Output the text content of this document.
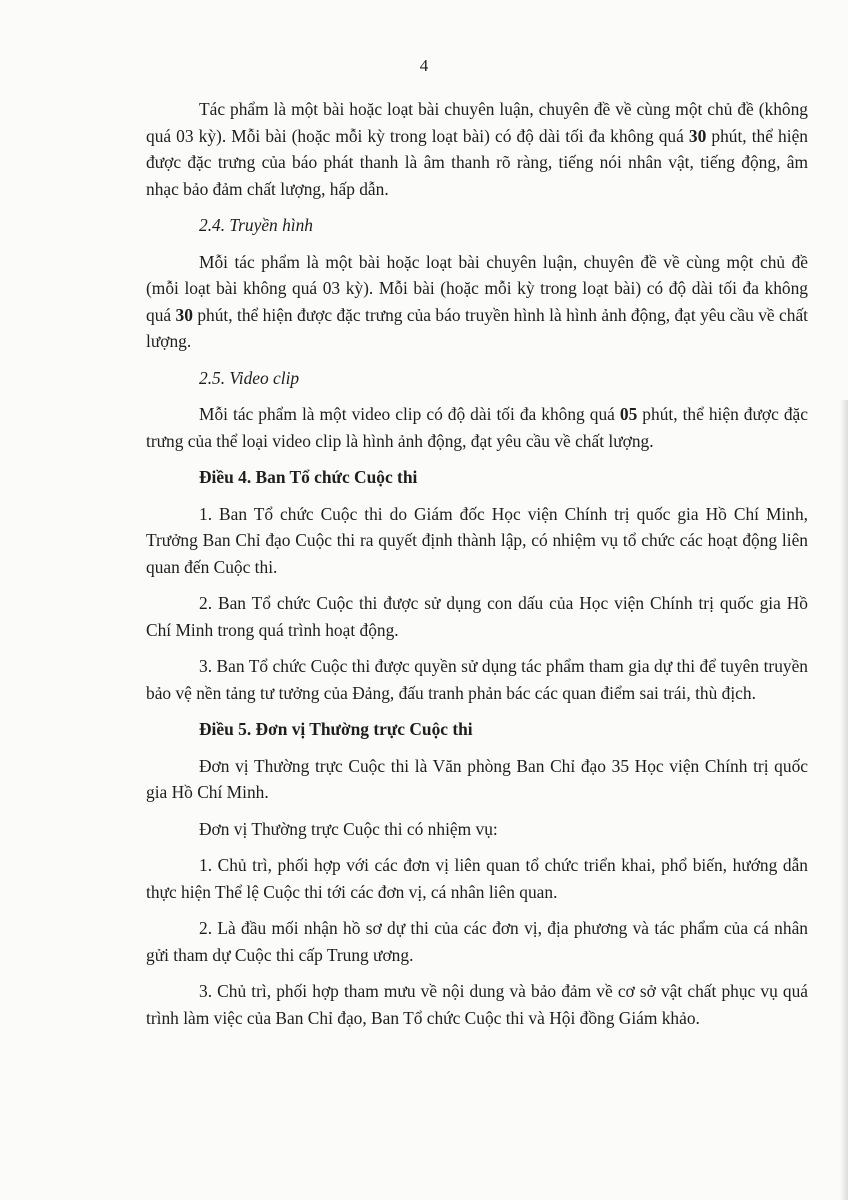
4

Tác phẩm là một bài hoặc loạt bài chuyên luận, chuyên đề về cùng một chủ đề (không quá 03 kỳ). Mỗi bài (hoặc mỗi kỳ trong loạt bài) có độ dài tối đa không quá 30 phút, thể hiện được đặc trưng của báo phát thanh là âm thanh rõ ràng, tiếng nói nhân vật, tiếng động, âm nhạc bảo đảm chất lượng, hấp dẫn.

2.4. Truyền hình

Mỗi tác phẩm là một bài hoặc loạt bài chuyên luận, chuyên đề về cùng một chủ đề (mỗi loạt bài không quá 03 kỳ). Mỗi bài (hoặc mỗi kỳ trong loạt bài) có độ dài tối đa không quá 30 phút, thể hiện được đặc trưng của báo truyền hình là hình ảnh động, đạt yêu cầu về chất lượng.

2.5. Video clip

Mỗi tác phẩm là một video clip có độ dài tối đa không quá 05 phút, thể hiện được đặc trưng của thể loại video clip là hình ảnh động, đạt yêu cầu về chất lượng.

Điều 4. Ban Tổ chức Cuộc thi

1. Ban Tổ chức Cuộc thi do Giám đốc Học viện Chính trị quốc gia Hồ Chí Minh, Trưởng Ban Chỉ đạo Cuộc thi ra quyết định thành lập, có nhiệm vụ tổ chức các hoạt động liên quan đến Cuộc thi.

2. Ban Tổ chức Cuộc thi được sử dụng con dấu của Học viện Chính trị quốc gia Hồ Chí Minh trong quá trình hoạt động.

3. Ban Tổ chức Cuộc thi được quyền sử dụng tác phẩm tham gia dự thi để tuyên truyền bảo vệ nền tảng tư tưởng của Đảng, đấu tranh phản bác các quan điểm sai trái, thù địch.

Điều 5. Đơn vị Thường trực Cuộc thi

Đơn vị Thường trực Cuộc thi là Văn phòng Ban Chỉ đạo 35 Học viện Chính trị quốc gia Hồ Chí Minh.

Đơn vị Thường trực Cuộc thi có nhiệm vụ:

1. Chủ trì, phối hợp với các đơn vị liên quan tổ chức triển khai, phổ biến, hướng dẫn thực hiện Thể lệ Cuộc thi tới các đơn vị, cá nhân liên quan.

2. Là đầu mối nhận hồ sơ dự thi của các đơn vị, địa phương và tác phẩm của cá nhân gửi tham dự Cuộc thi cấp Trung ương.

3. Chủ trì, phối hợp tham mưu về nội dung và bảo đảm về cơ sở vật chất phục vụ quá trình làm việc của Ban Chỉ đạo, Ban Tổ chức Cuộc thi và Hội đồng Giám khảo.
